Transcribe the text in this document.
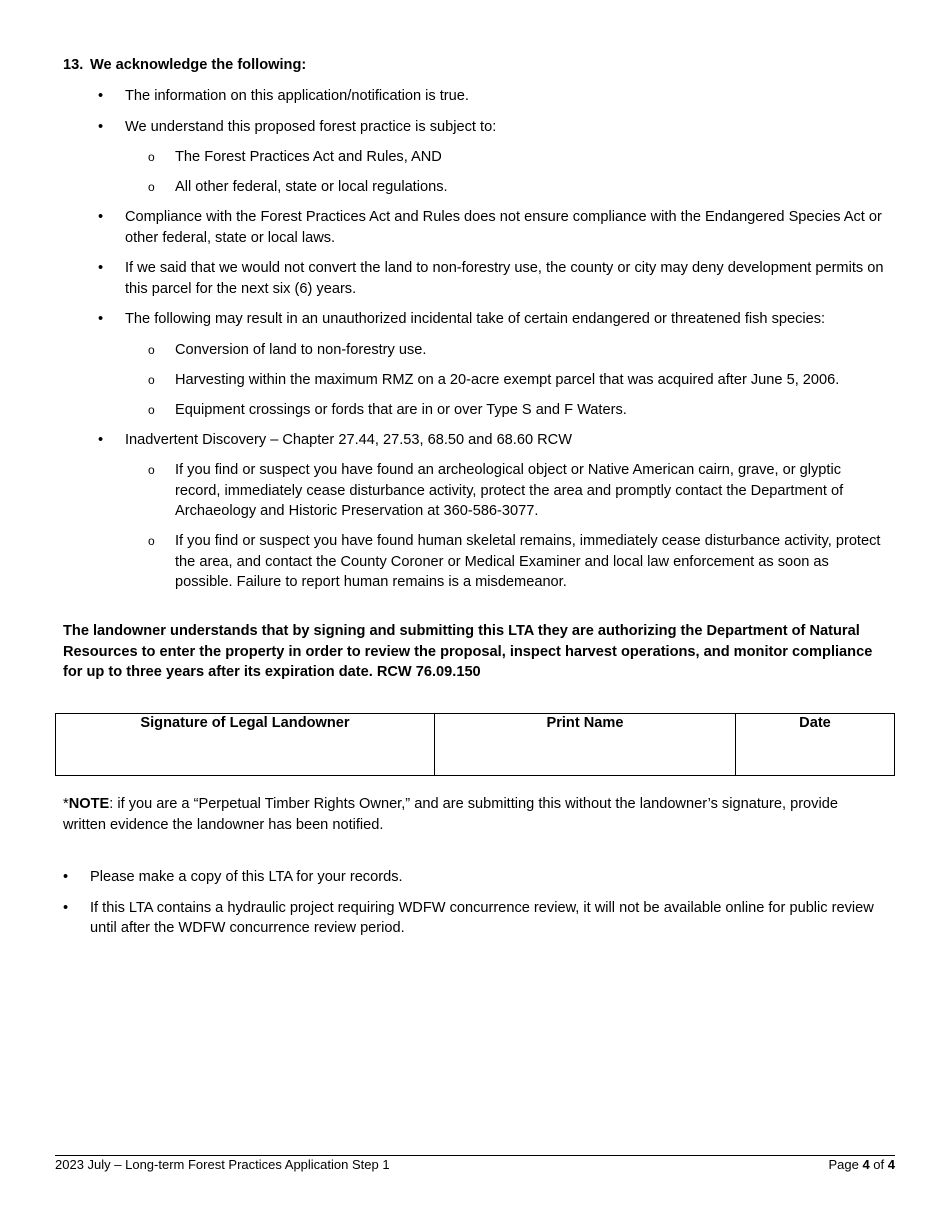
13. We acknowledge the following:
• The information on this application/notification is true.
• We understand this proposed forest practice is subject to:
o The Forest Practices Act and Rules, AND
o All other federal, state or local regulations.
• Compliance with the Forest Practices Act and Rules does not ensure compliance with the Endangered Species Act or other federal, state or local laws.
• If we said that we would not convert the land to non-forestry use, the county or city may deny development permits on this parcel for the next six (6) years.
• The following may result in an unauthorized incidental take of certain endangered or threatened fish species:
o Conversion of land to non-forestry use.
o Harvesting within the maximum RMZ on a 20-acre exempt parcel that was acquired after June 5, 2006.
o Equipment crossings or fords that are in or over Type S and F Waters.
• Inadvertent Discovery – Chapter 27.44, 27.53, 68.50 and 68.60 RCW
o If you find or suspect you have found an archeological object or Native American cairn, grave, or glyptic record, immediately cease disturbance activity, protect the area and promptly contact the Department of Archaeology and Historic Preservation at 360-586-3077.
o If you find or suspect you have found human skeletal remains, immediately cease disturbance activity, protect the area, and contact the County Coroner or Medical Examiner and local law enforcement as soon as possible. Failure to report human remains is a misdemeanor.
The landowner understands that by signing and submitting this LTA they are authorizing the Department of Natural Resources to enter the property in order to review the proposal, inspect harvest operations, and monitor compliance for up to three years after its expiration date. RCW 76.09.150
Signature of Legal Landowner	Print Name	Date
*NOTE: if you are a “Perpetual Timber Rights Owner,” and are submitting this without the landowner’s signature, provide written evidence the landowner has been notified.
• Please make a copy of this LTA for your records.
• If this LTA contains a hydraulic project requiring WDFW concurrence review, it will not be available online for public review until after the WDFW concurrence review period.
2023 July – Long-term Forest Practices Application Step 1	Page 4 of 4
